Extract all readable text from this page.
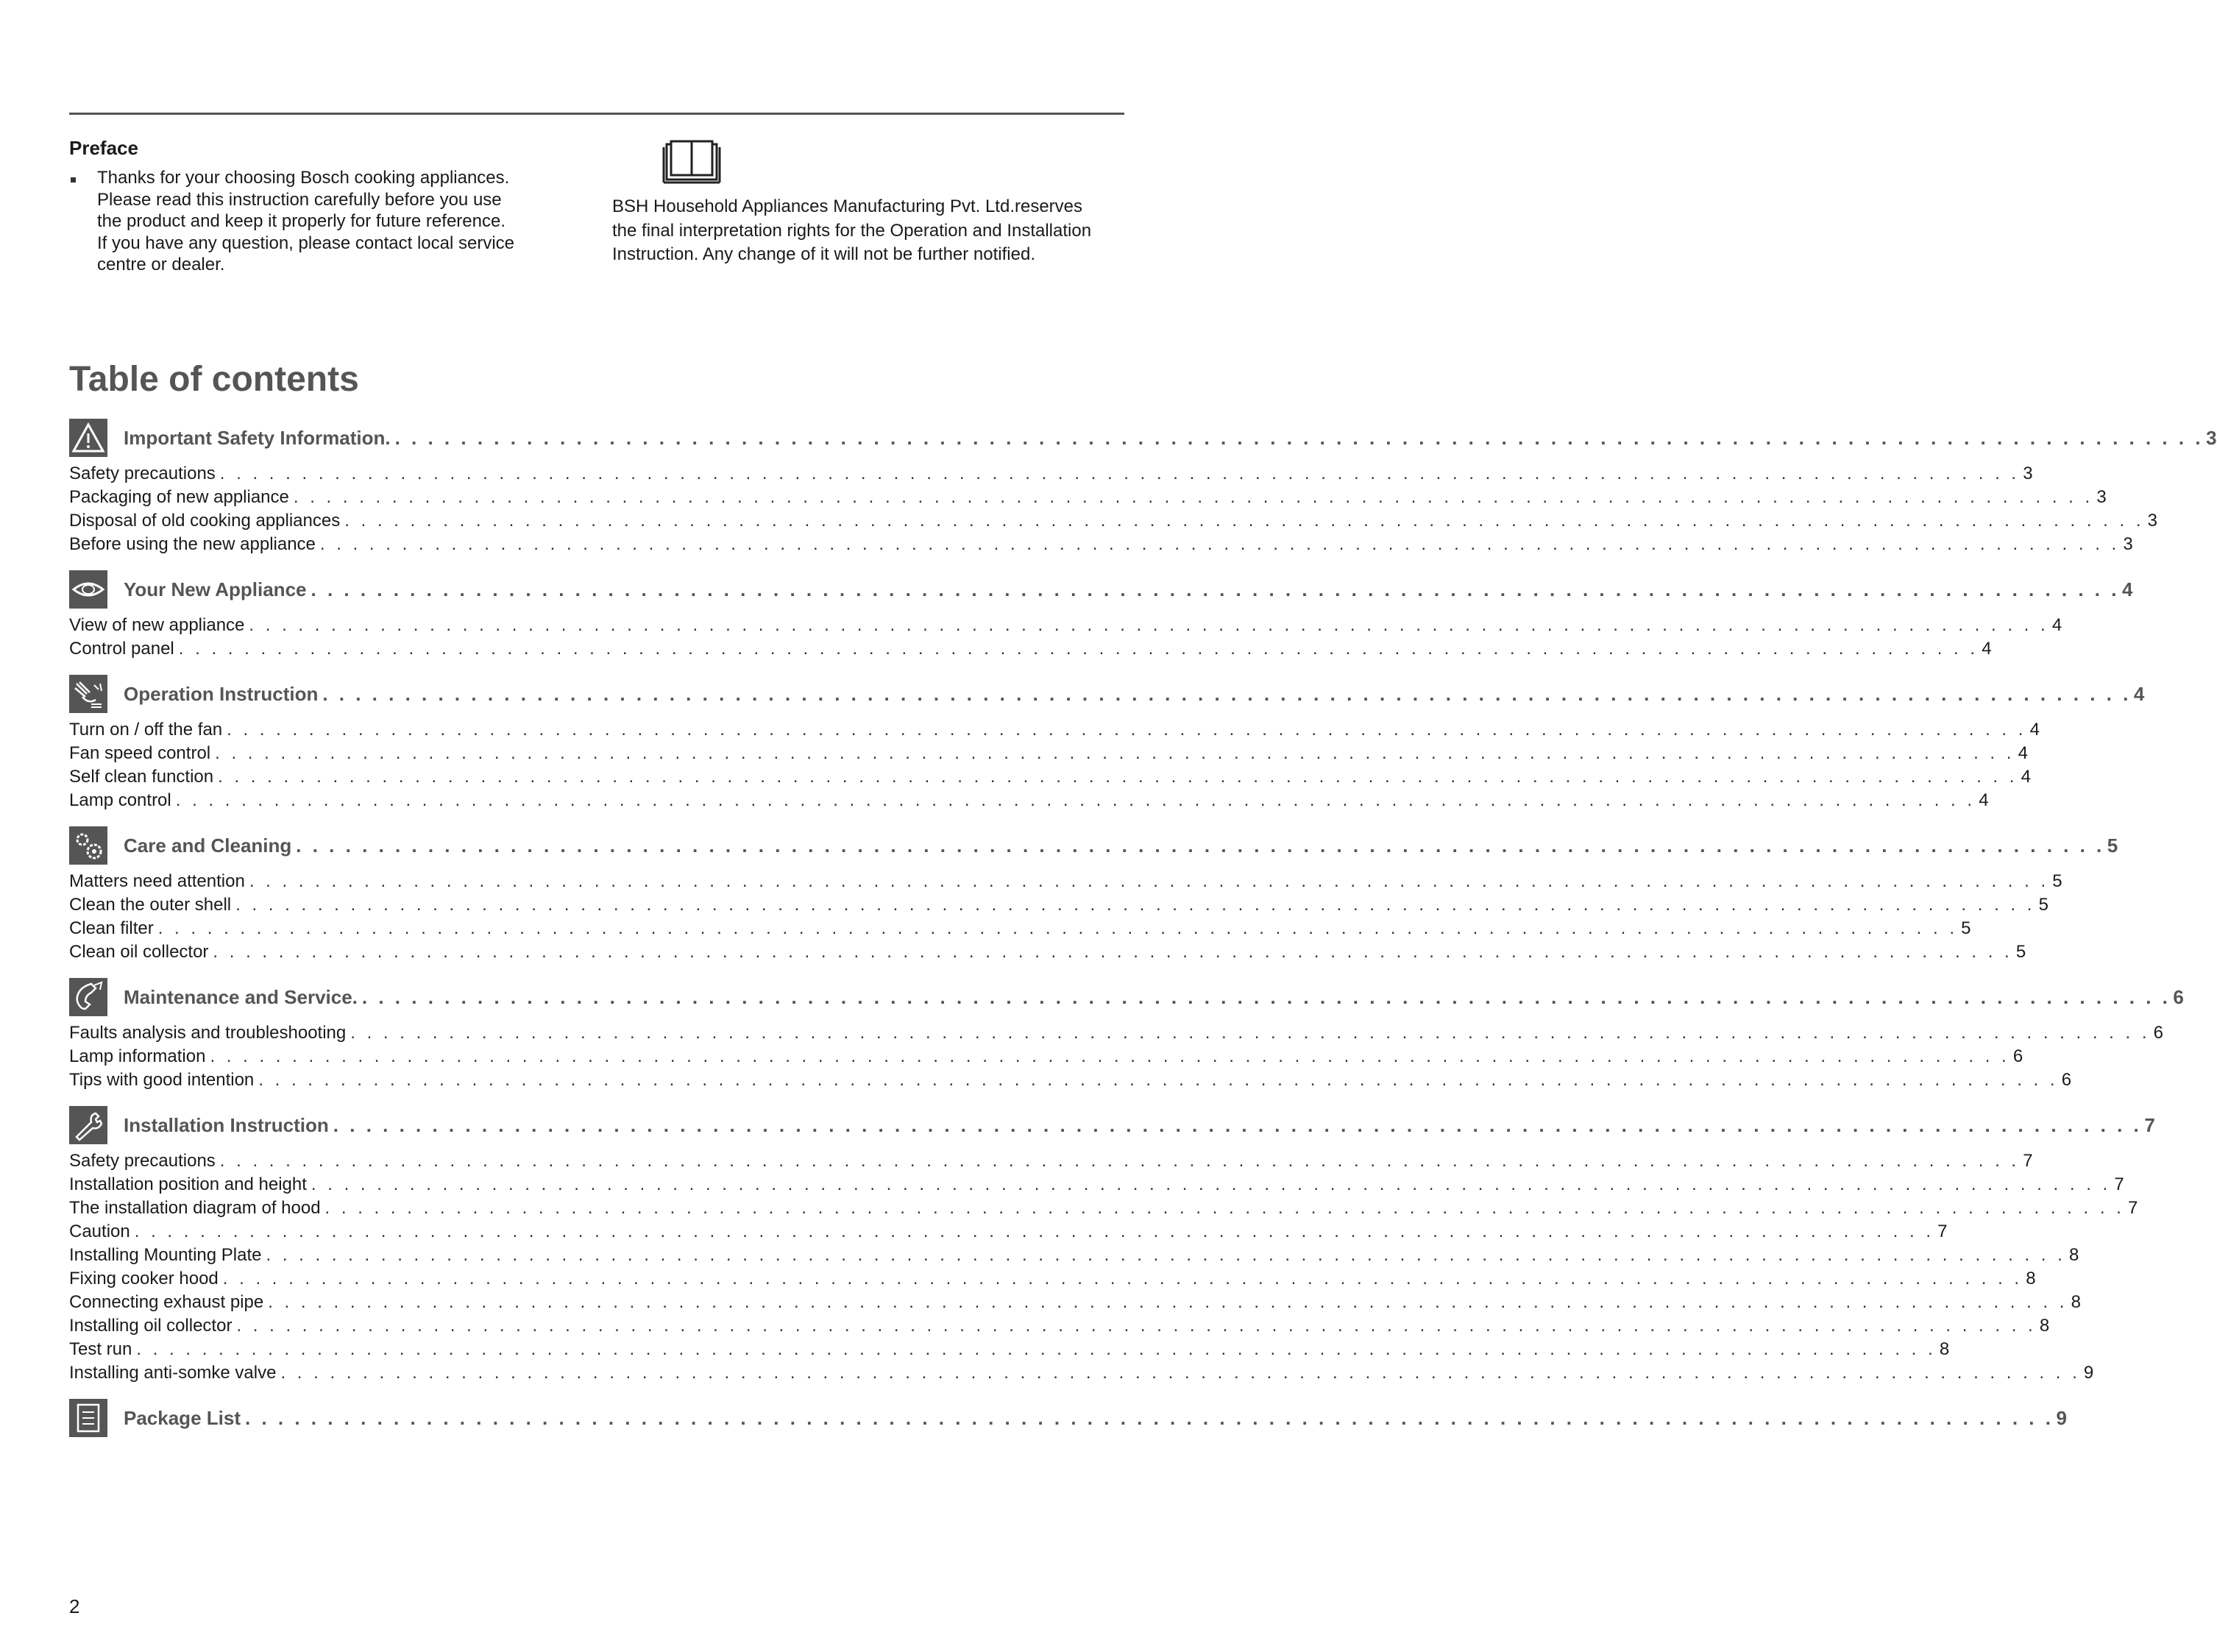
Preface
Thanks for your choosing Bosch cooking appliances.
Please read this instruction carefully before you use
the product and keep it properly for future reference.
If you have any question, please contact local service
centre or dealer.
BSH Household Appliances Manufacturing Pvt. Ltd.reserves
the final interpretation rights for the Operation and Installation
Instruction. Any change of it will not be further notified.
Table of contents
Important Safety Information. . . .	3
Safety precautions . . .	3
Packaging of new appliance . . .	3
Disposal of old cooking appliances . . .	3
Before using the new appliance . . .	3
Your New Appliance . . .	4
View of new appliance . . .	4
Control panel . . .	4
Operation Instruction . . .	4
Turn on / off the fan . . .	4
Fan speed control . . .	4
Self clean function . . .	4
Lamp control . . .	4
Care and Cleaning . . .	5
Matters need attention . . .	5
Clean the outer shell . . .	5
Clean filter . . .	5
Clean oil collector . . .	5
Maintenance and Service. . . .	6
Faults analysis and troubleshooting . . .	6
Lamp information . . .	6
Tips with good intention . . .	6
Installation Instruction . . .	7
Safety precautions . . .	7
Installation position and height . . .	7
The installation diagram of hood . . .	7
Caution . . .	7
Installing Mounting Plate . . .	8
Fixing cooker hood . . .	8
Connecting exhaust pipe . . .	8
Installing oil collector . . .	8
Test run . . .	8
Installing anti-somke valve . . .	9
Package List . . .	9
2
